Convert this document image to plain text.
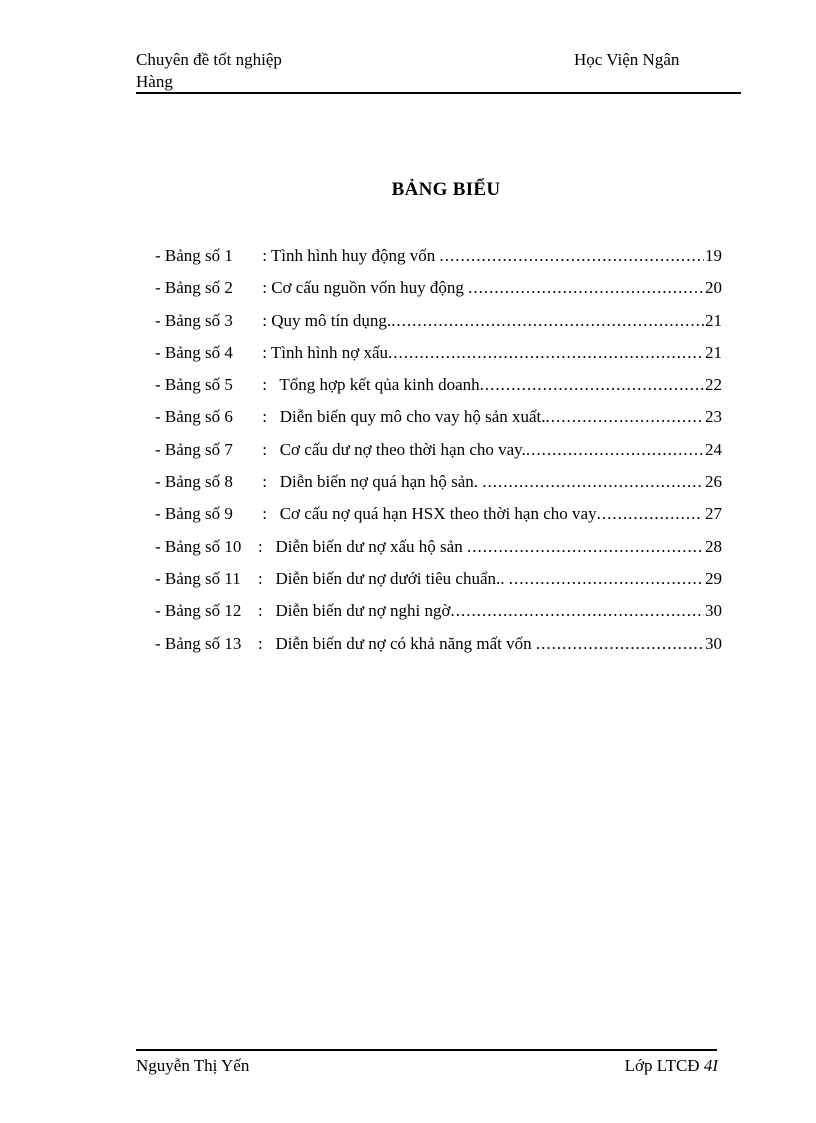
Chuyên đề tốt nghiệp
Hàng
Học Viện Ngân
BẢNG BIỂU
- Bảng số 1	: Tình hình huy động vốn .....	19
- Bảng số 2	: Cơ cấu nguồn vốn huy động .....	20
- Bảng số 3	: Quy mô tín dụng. .....	21
- Bảng số 4	: Tình hình nợ xấu .....	21
- Bảng số 5	:   Tổng hợp kết qủa kinh doanh .....	22
- Bảng số 6	:   Diễn biến quy mô cho vay hộ sản xuất. .....	23
- Bảng số 7	:   Cơ cấu dư nợ theo thời hạn cho vay. .....	24
- Bảng số 8	:   Diễn biến nợ quá hạn hộ sản. .....	26
- Bảng số 9	:   Cơ cấu nợ quá hạn HSX theo thời hạn cho vay .....	27
- Bảng số 10 :   Diễn biến dư nợ xấu hộ sản .....	28
- Bảng số 11	:   Diễn biến dư nợ dưới tiêu chuẩn.. .....	29
- Bảng số 12 :   Diễn biến dư nợ nghi ngờ .....	30
- Bảng số 13 :   Diễn biến dư nợ có khả năng mất vốn .....	30
Nguyễn Thị Yến	Lớp LTCĐ 4I
